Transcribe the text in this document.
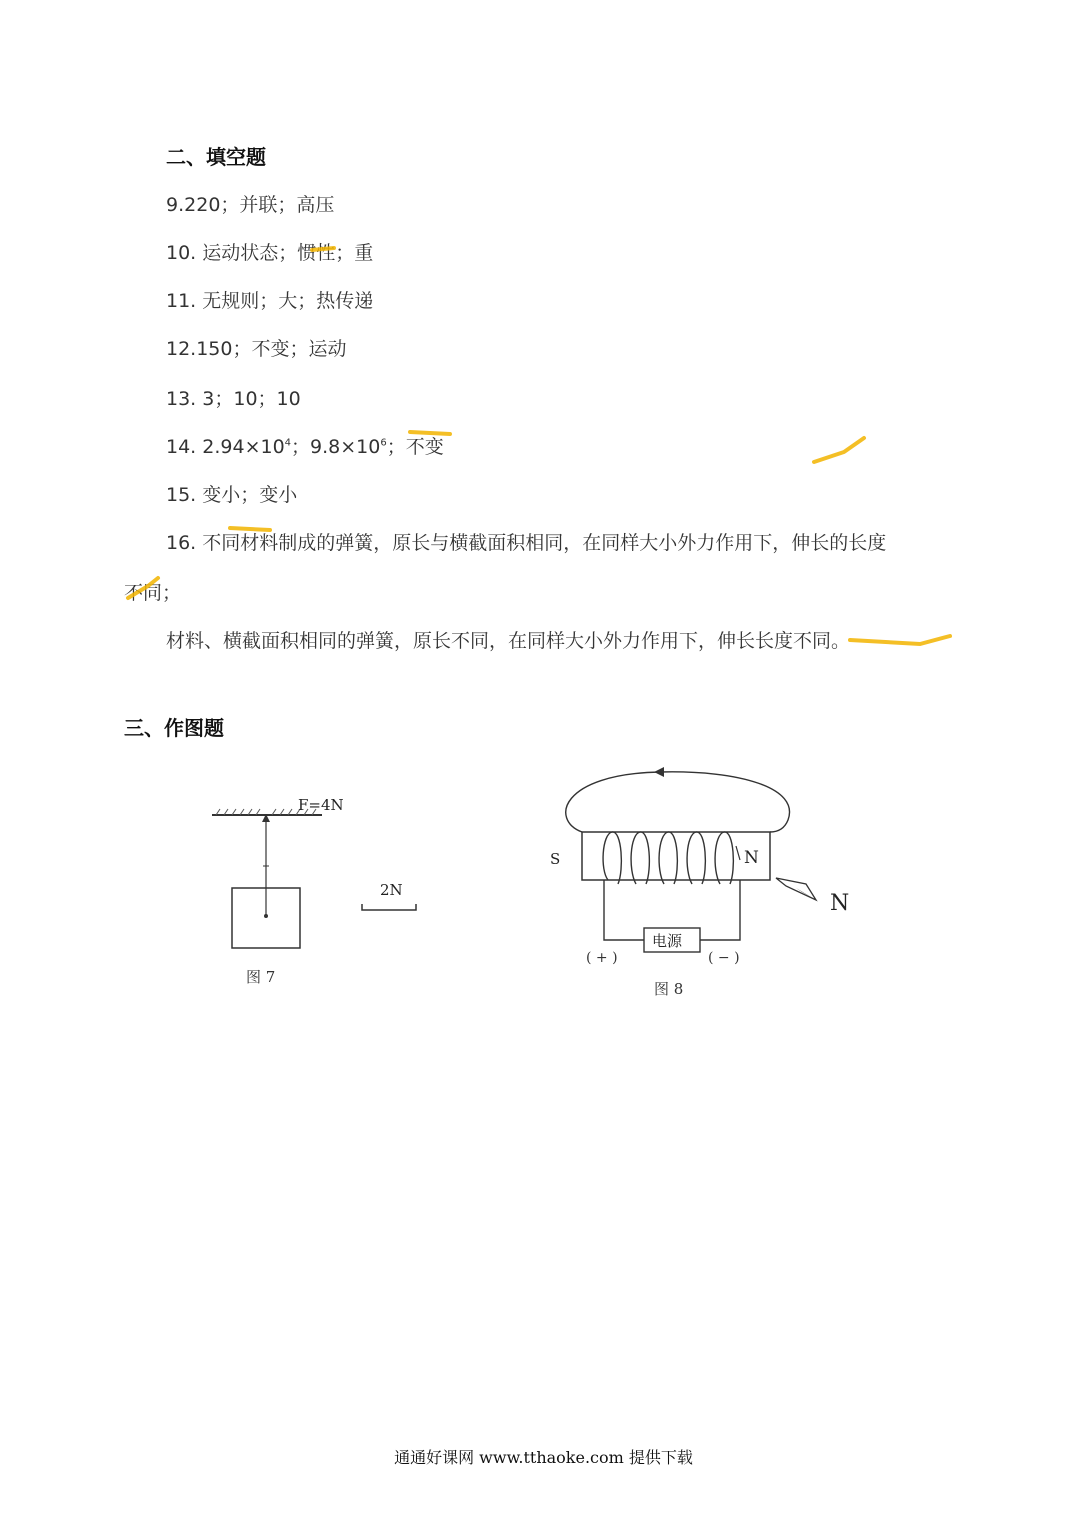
二、填空题
9.220；并联；高压
10. 运动状态；惯性；重
11. 无规则；大；热传递
12.150；不变；运动
13. 3；10；10
14. $2.94\times 10^4$；$9.8\times 10^6$；不变
15. 变小；变小
16. 不同材料制成的弹簧，原长与横截面积相同，在同样大小外力作用下，伸长的长度
不同；
材料、横截面积相同的弹簧，原长不同，在同样大小外力作用下，伸长长度不同。
三、作图题
F=4N
2N
图 7
电源
( + )	( − )
S	N
N
图 8
通通好课网 www.tthaoke.com 提供下载
